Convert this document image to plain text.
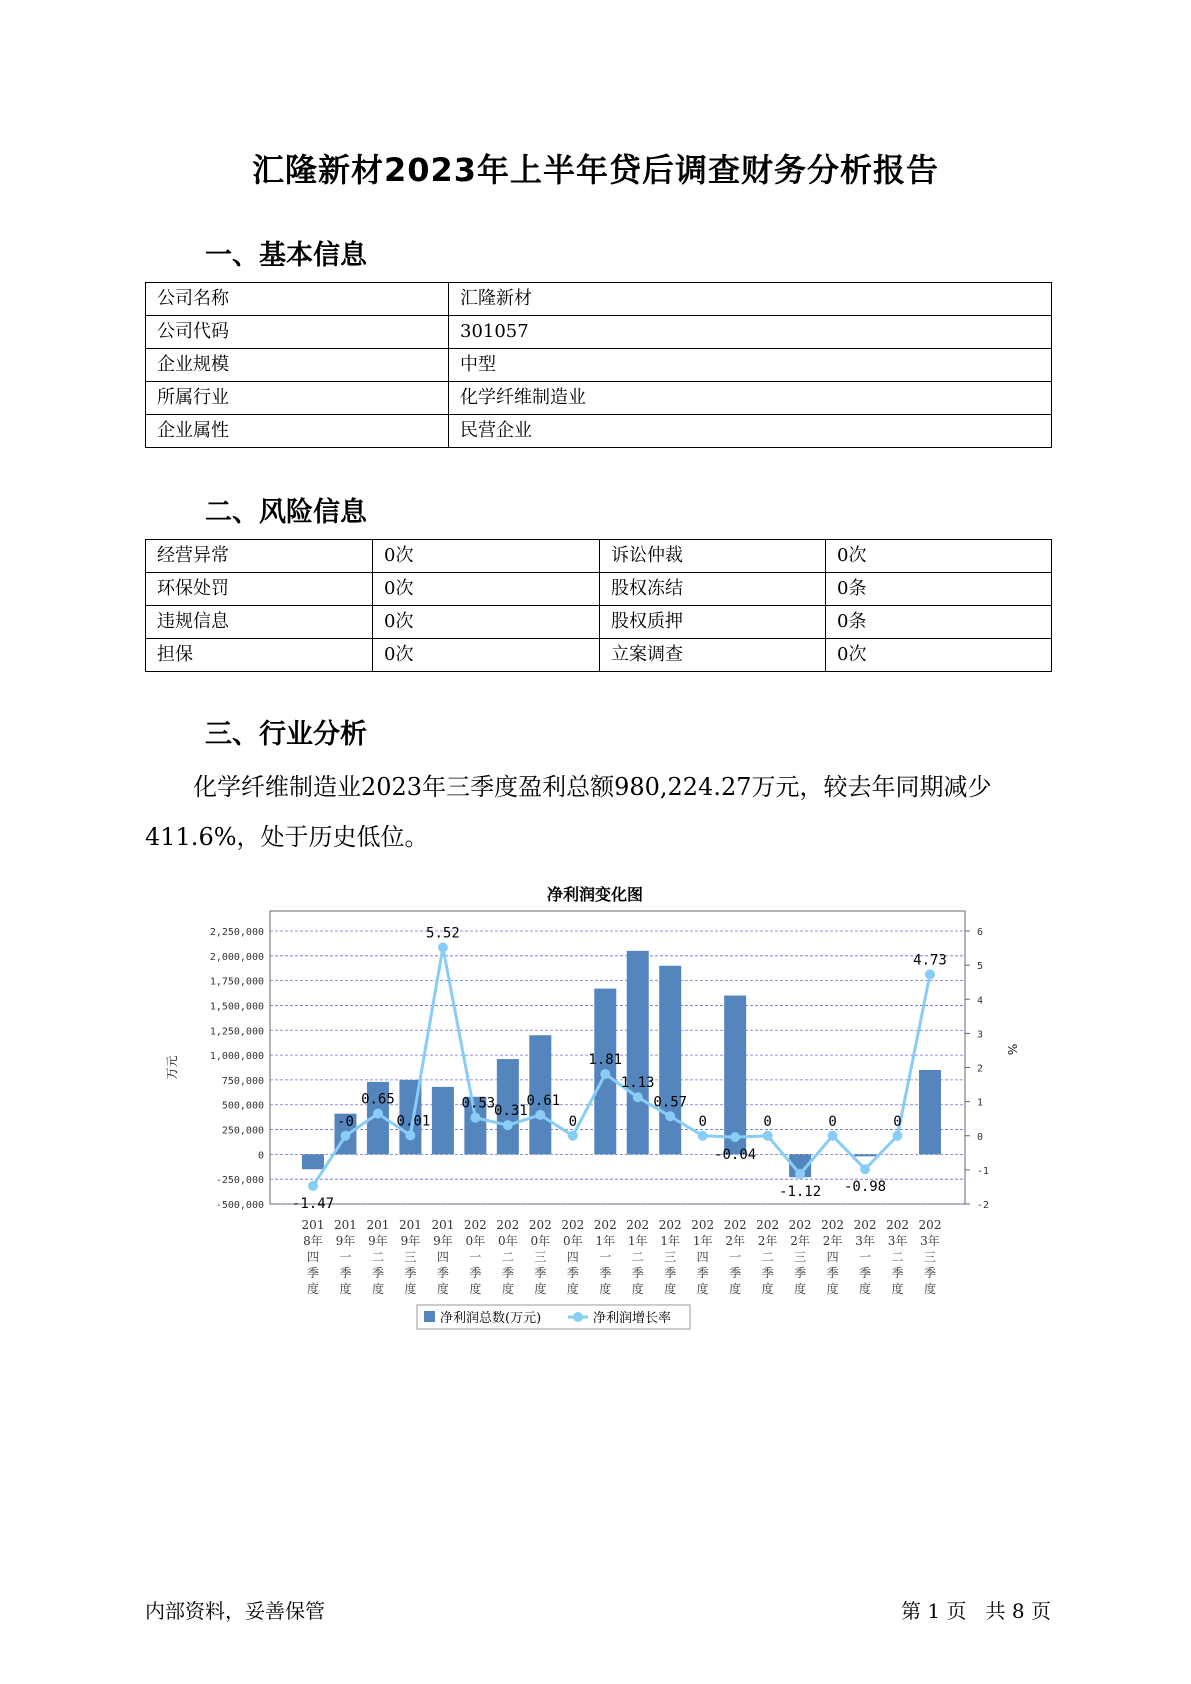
汇隆新材2023年上半年贷后调查财务分析报告
一、基本信息
公司名称	汇隆新材
公司代码	301057
企业规模	中型
所属行业	化学纤维制造业
企业属性	民营企业
二、风险信息
经营异常	0次	诉讼仲裁	0次
环保处罚	0次	股权冻结	0条
违规信息	0次	股权质押	0条
担保	0次	立案调查	0次
三、行业分析
化学纤维制造业2023年三季度盈利总额980,224.27万元，较去年同期减少411.6%，处于历史低位。
净利润变化图
2,250,000
2,000,000
1,750,000
1,500,000
1,250,000
1,000,000
750,000
500,000
250,000
0
-250,000
-500,000
6
5
4
3
2
1
0
-1
-2
万元
%
-1.47
-0
0.65
0.01
5.52
0.53
0.31
0.61
0
1.81
1.13
0.57
0
-0.04
0
-1.12
0
-0.98
0
4.73
201
8年
四
季
度
201
9年
一
季
度
201
9年
二
季
度
201
9年
三
季
度
201
9年
四
季
度
202
0年
一
季
度
202
0年
二
季
度
202
0年
三
季
度
202
0年
四
季
度
202
1年
一
季
度
202
1年
二
季
度
202
1年
三
季
度
202
1年
四
季
度
202
2年
一
季
度
202
2年
二
季
度
202
2年
三
季
度
202
2年
四
季
度
202
3年
一
季
度
202
3年
二
季
度
202
3年
三
季
度
净利润总数(万元)	净利润增长率
内部资料，妥善保管	第 1 页   共 8 页
